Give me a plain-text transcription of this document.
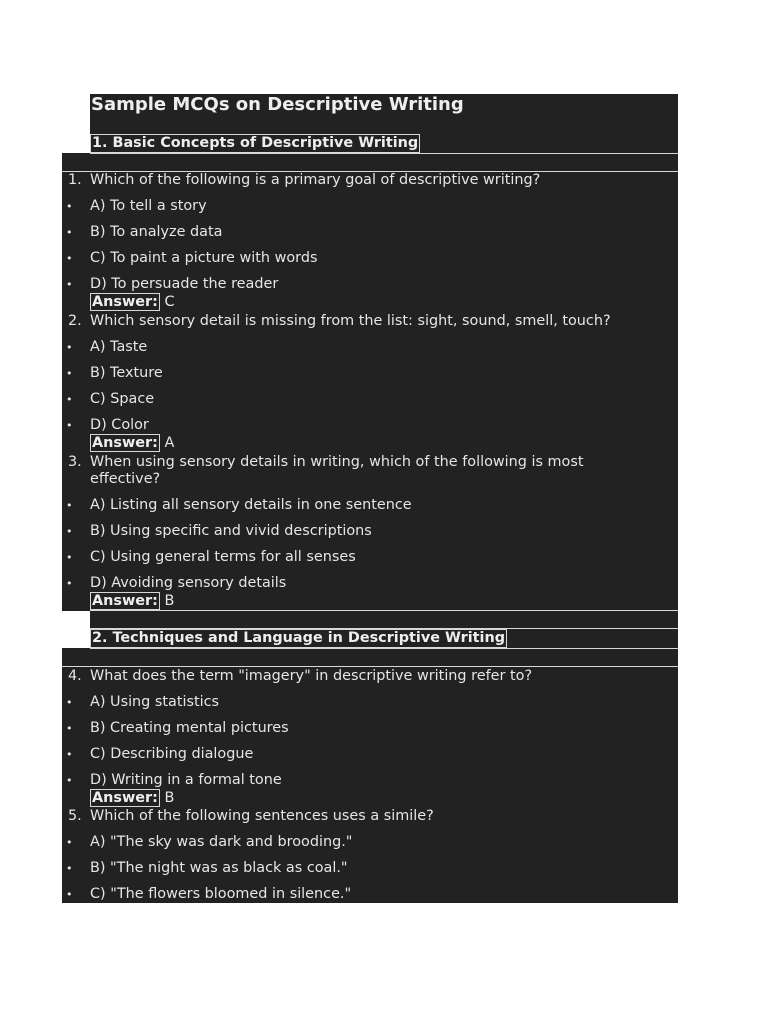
Sample MCQs on Descriptive Writing
1. Basic Concepts of Descriptive Writing
2. Techniques and Language in Descriptive Writing
1. Which of the following is a primary goal of descriptive writing?
• A) To tell a story
• B) To analyze data
• C) To paint a picture with words
• D) To persuade the reader
Answer: C
2. Which sensory detail is missing from the list: sight, sound, smell, touch?
• A) Taste
• B) Texture
• C) Space
• D) Color
Answer: A
3. When using sensory details in writing, which of the following is most effective?
• A) Listing all sensory details in one sentence
• B) Using specific and vivid descriptions
• C) Using general terms for all senses
• D) Avoiding sensory details
Answer: B
4. What does the term "imagery" in descriptive writing refer to?
• A) Using statistics
• B) Creating mental pictures
• C) Describing dialogue
• D) Writing in a formal tone
Answer: B
5. Which of the following sentences uses a simile?
• A) "The sky was dark and brooding."
• B) "The night was as black as coal."
• C) "The flowers bloomed in silence."
